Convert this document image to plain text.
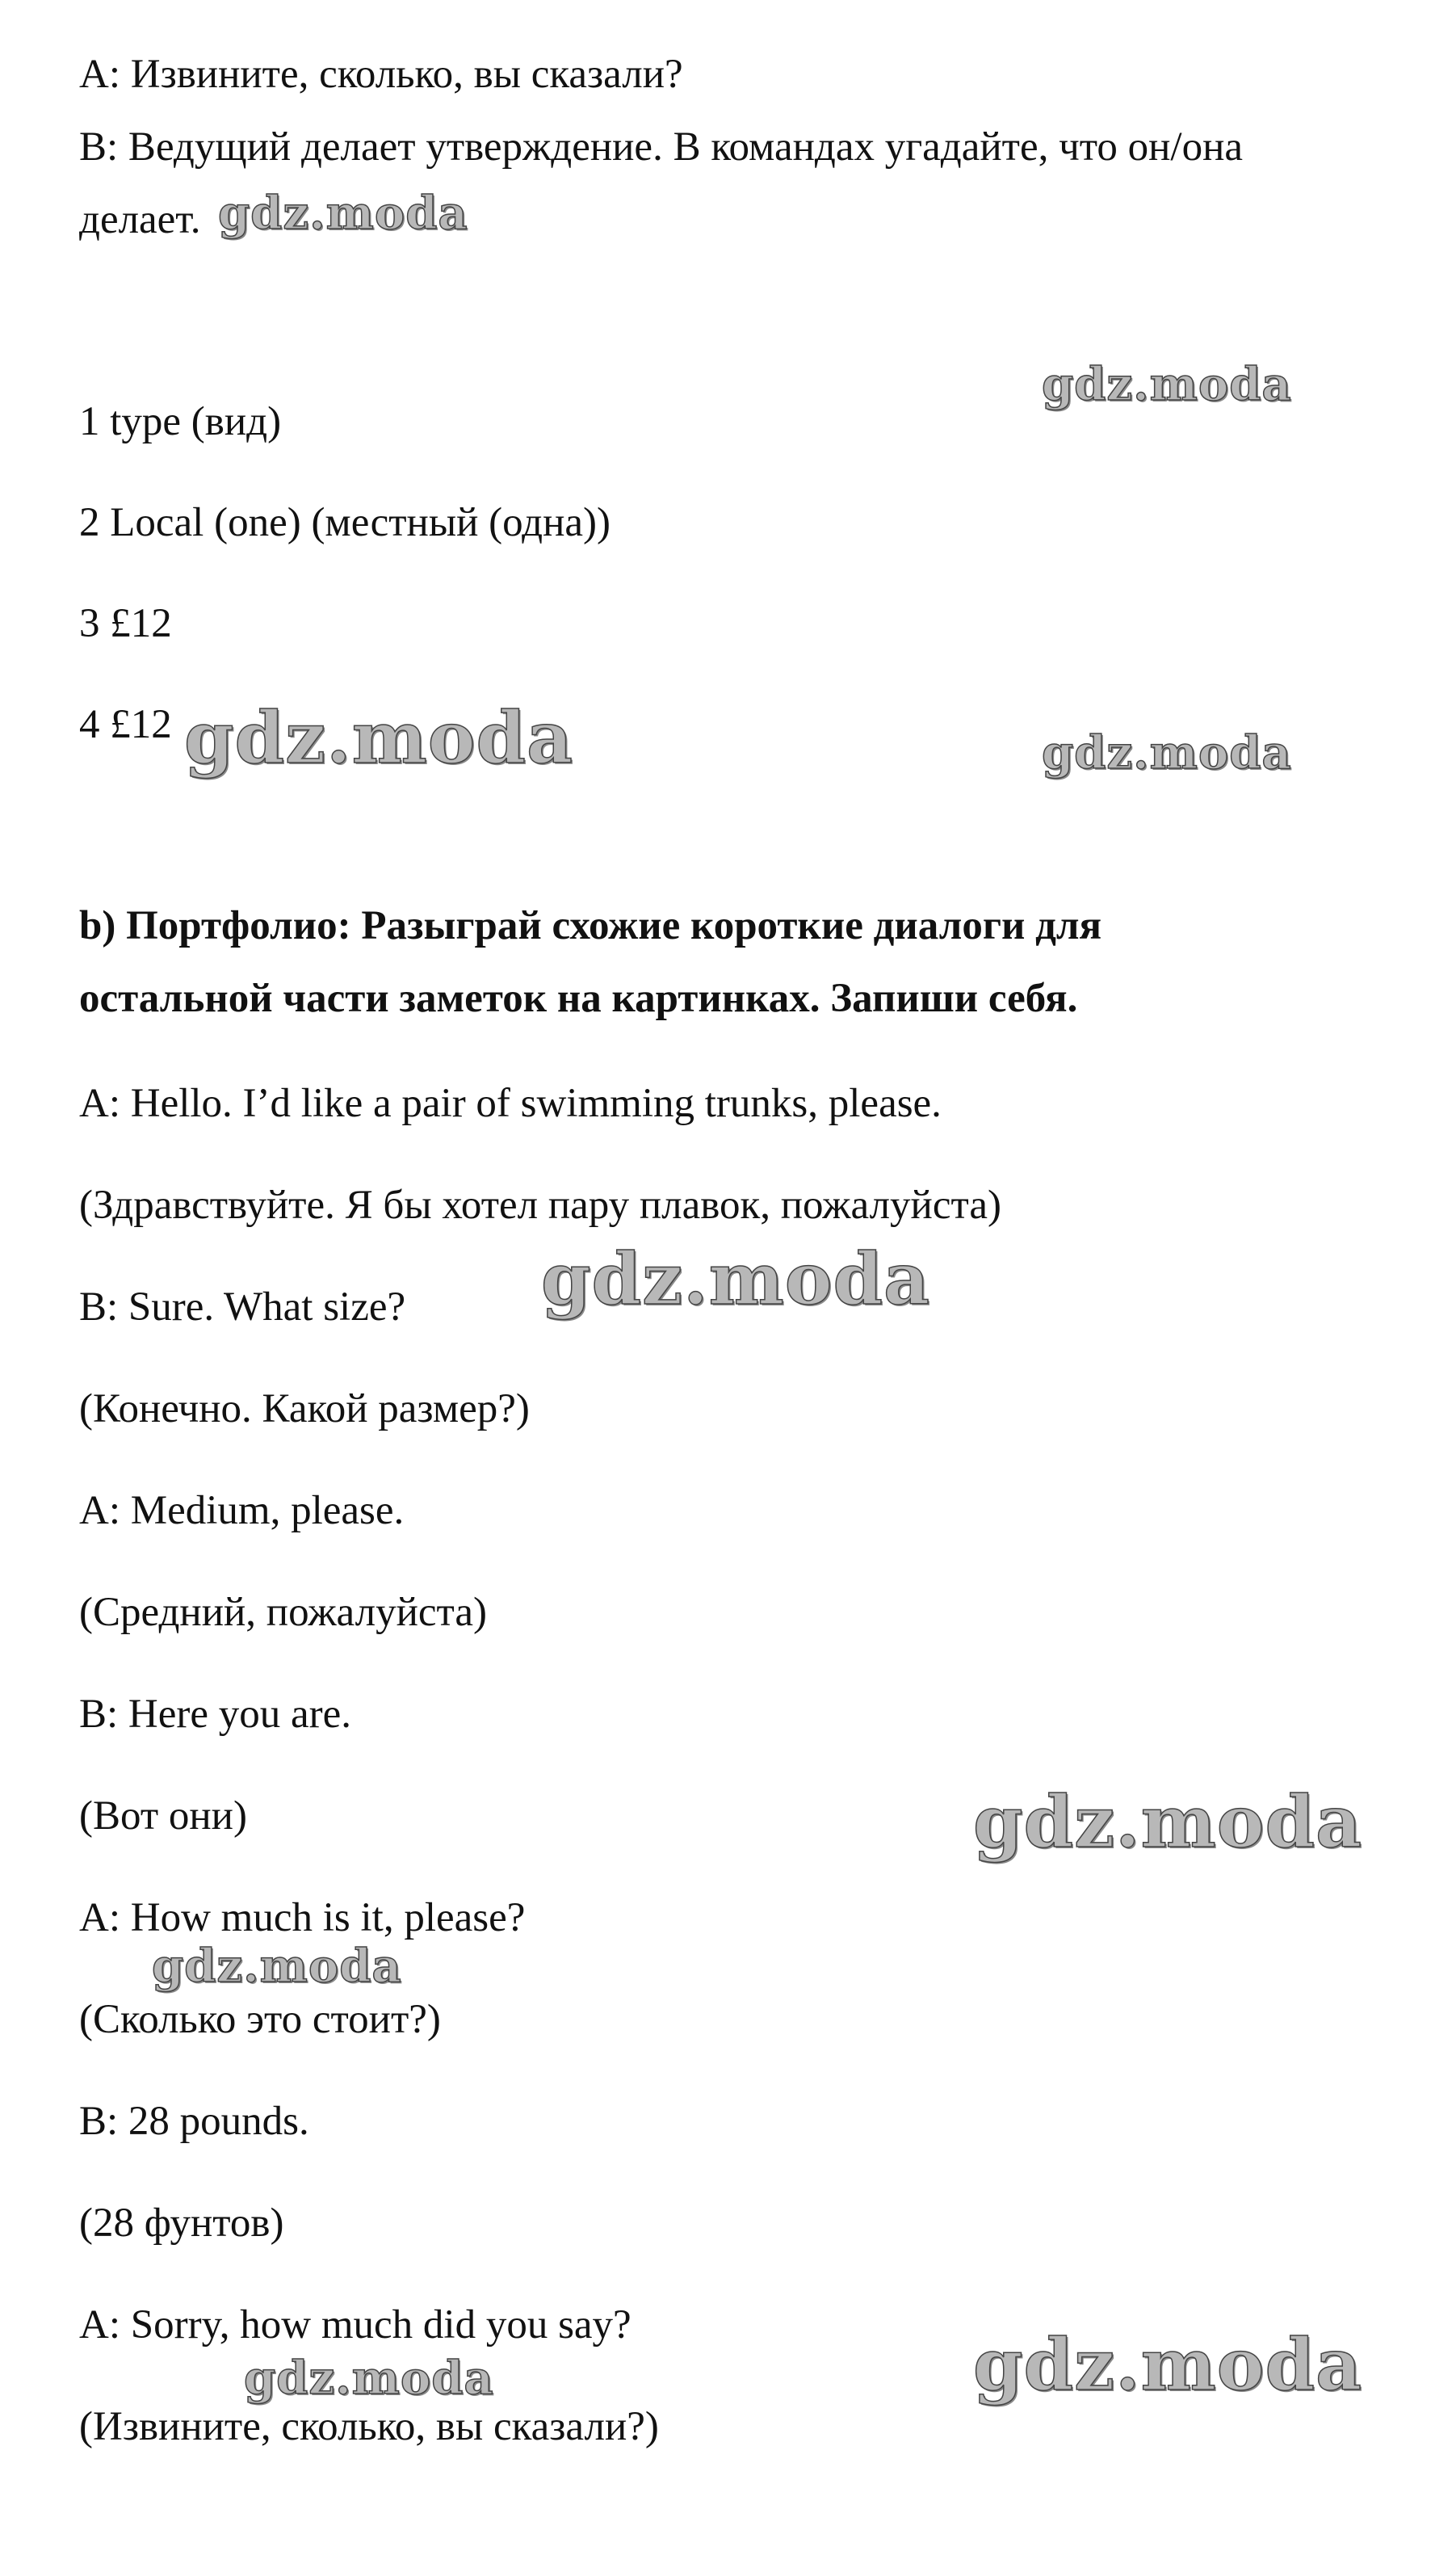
A: Извините, сколько, вы сказали?
B: Ведущий делает утверждение. В командах угадайте, что он/она
делает.
1 type (вид)
2 Local (one) (местный (одна))
3 £12
4 £12
b) Портфолио: Разыграй схожие короткие диалоги для
остальной части заметок на картинках. Запиши себя.
A: Hello. I’d like a pair of swimming trunks, please.
(Здравствуйте. Я бы хотел пару плавок, пожалуйста)
B: Sure. What size?
(Конечно. Какой размер?)
A: Medium, please.
(Средний, пожалуйста)
B: Here you are.
(Вот они)
A: How much is it, please?
(Сколько это стоит?)
B: 28 pounds.
(28 фунтов)
A: Sorry, how much did you say?
(Извините, сколько, вы сказали?)
gdz.moda
gdz.moda
gdz.moda	gdz.moda
gdz.moda
gdz.moda
gdz.moda
gdz.moda	gdz.moda
